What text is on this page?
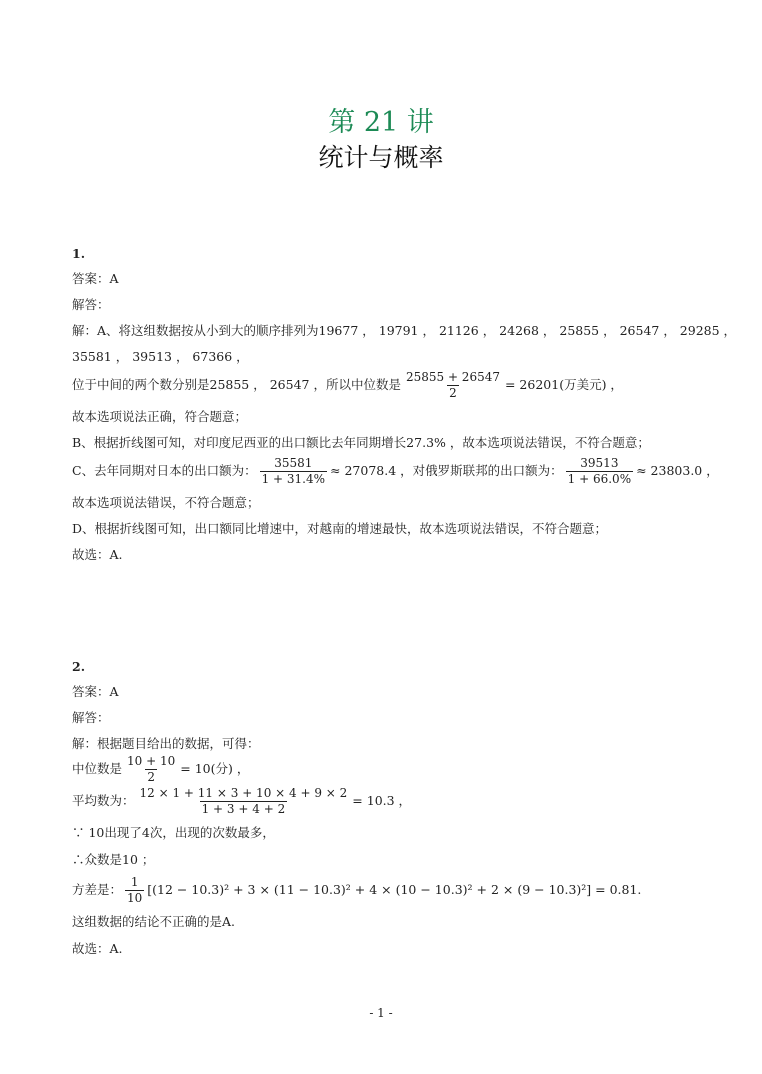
第 21 讲
统计与概率
1.
答案：A
解答：
解：A、将这组数据按从小到大的顺序排列为19677 ， 19791 ， 21126 ， 24268 ， 25855 ， 26547 ， 29285 ，
35581 ， 39513 ， 67366 ，
位于中间的两个数分别是25855 ， 26547 ，所以中位数是 $\frac{25855 + 26547}{2} = 26201$(万美元) ，
故本选项说法正确，符合题意；
B、根据折线图可知，对印度尼西亚的出口额比去年同期增长27.3% ，故本选项说法错误，不符合题意；
C、去年同期对日本的出口额为： $\frac{35581}{1 + 31.4\%} \approx 27078.4$ ，对俄罗斯联邦的出口额为： $\frac{39513}{1 + 66.0\%} \approx 23803.0$ ，
故本选项说法错误，不符合题意；
D、根据折线图可知，出口额同比增速中，对越南的增速最快，故本选项说法错误，不符合题意；
故选：A.
2.
答案：A
解答：
解：根据题目给出的数据，可得：
中位数是 $\frac{10 + 10}{2} = 10$(分) ，
平均数为： $\frac{12 \times 1 + 11 \times 3 + 10 \times 4 + 9 \times 2}{1 + 3 + 4 + 2} = 10.3$ ，
∵ 10出现了4次，出现的次数最多，
∴众数是10 ；
方差是： $\frac{1}{10} [(12 - 10.3)^2 + 3 \times (11 - 10.3)^2 + 4 \times (10 - 10.3)^2 + 2 \times (9 - 10.3)^2] = 0.81$.
这组数据的结论不正确的是A.
故选：A.
- 1 -
